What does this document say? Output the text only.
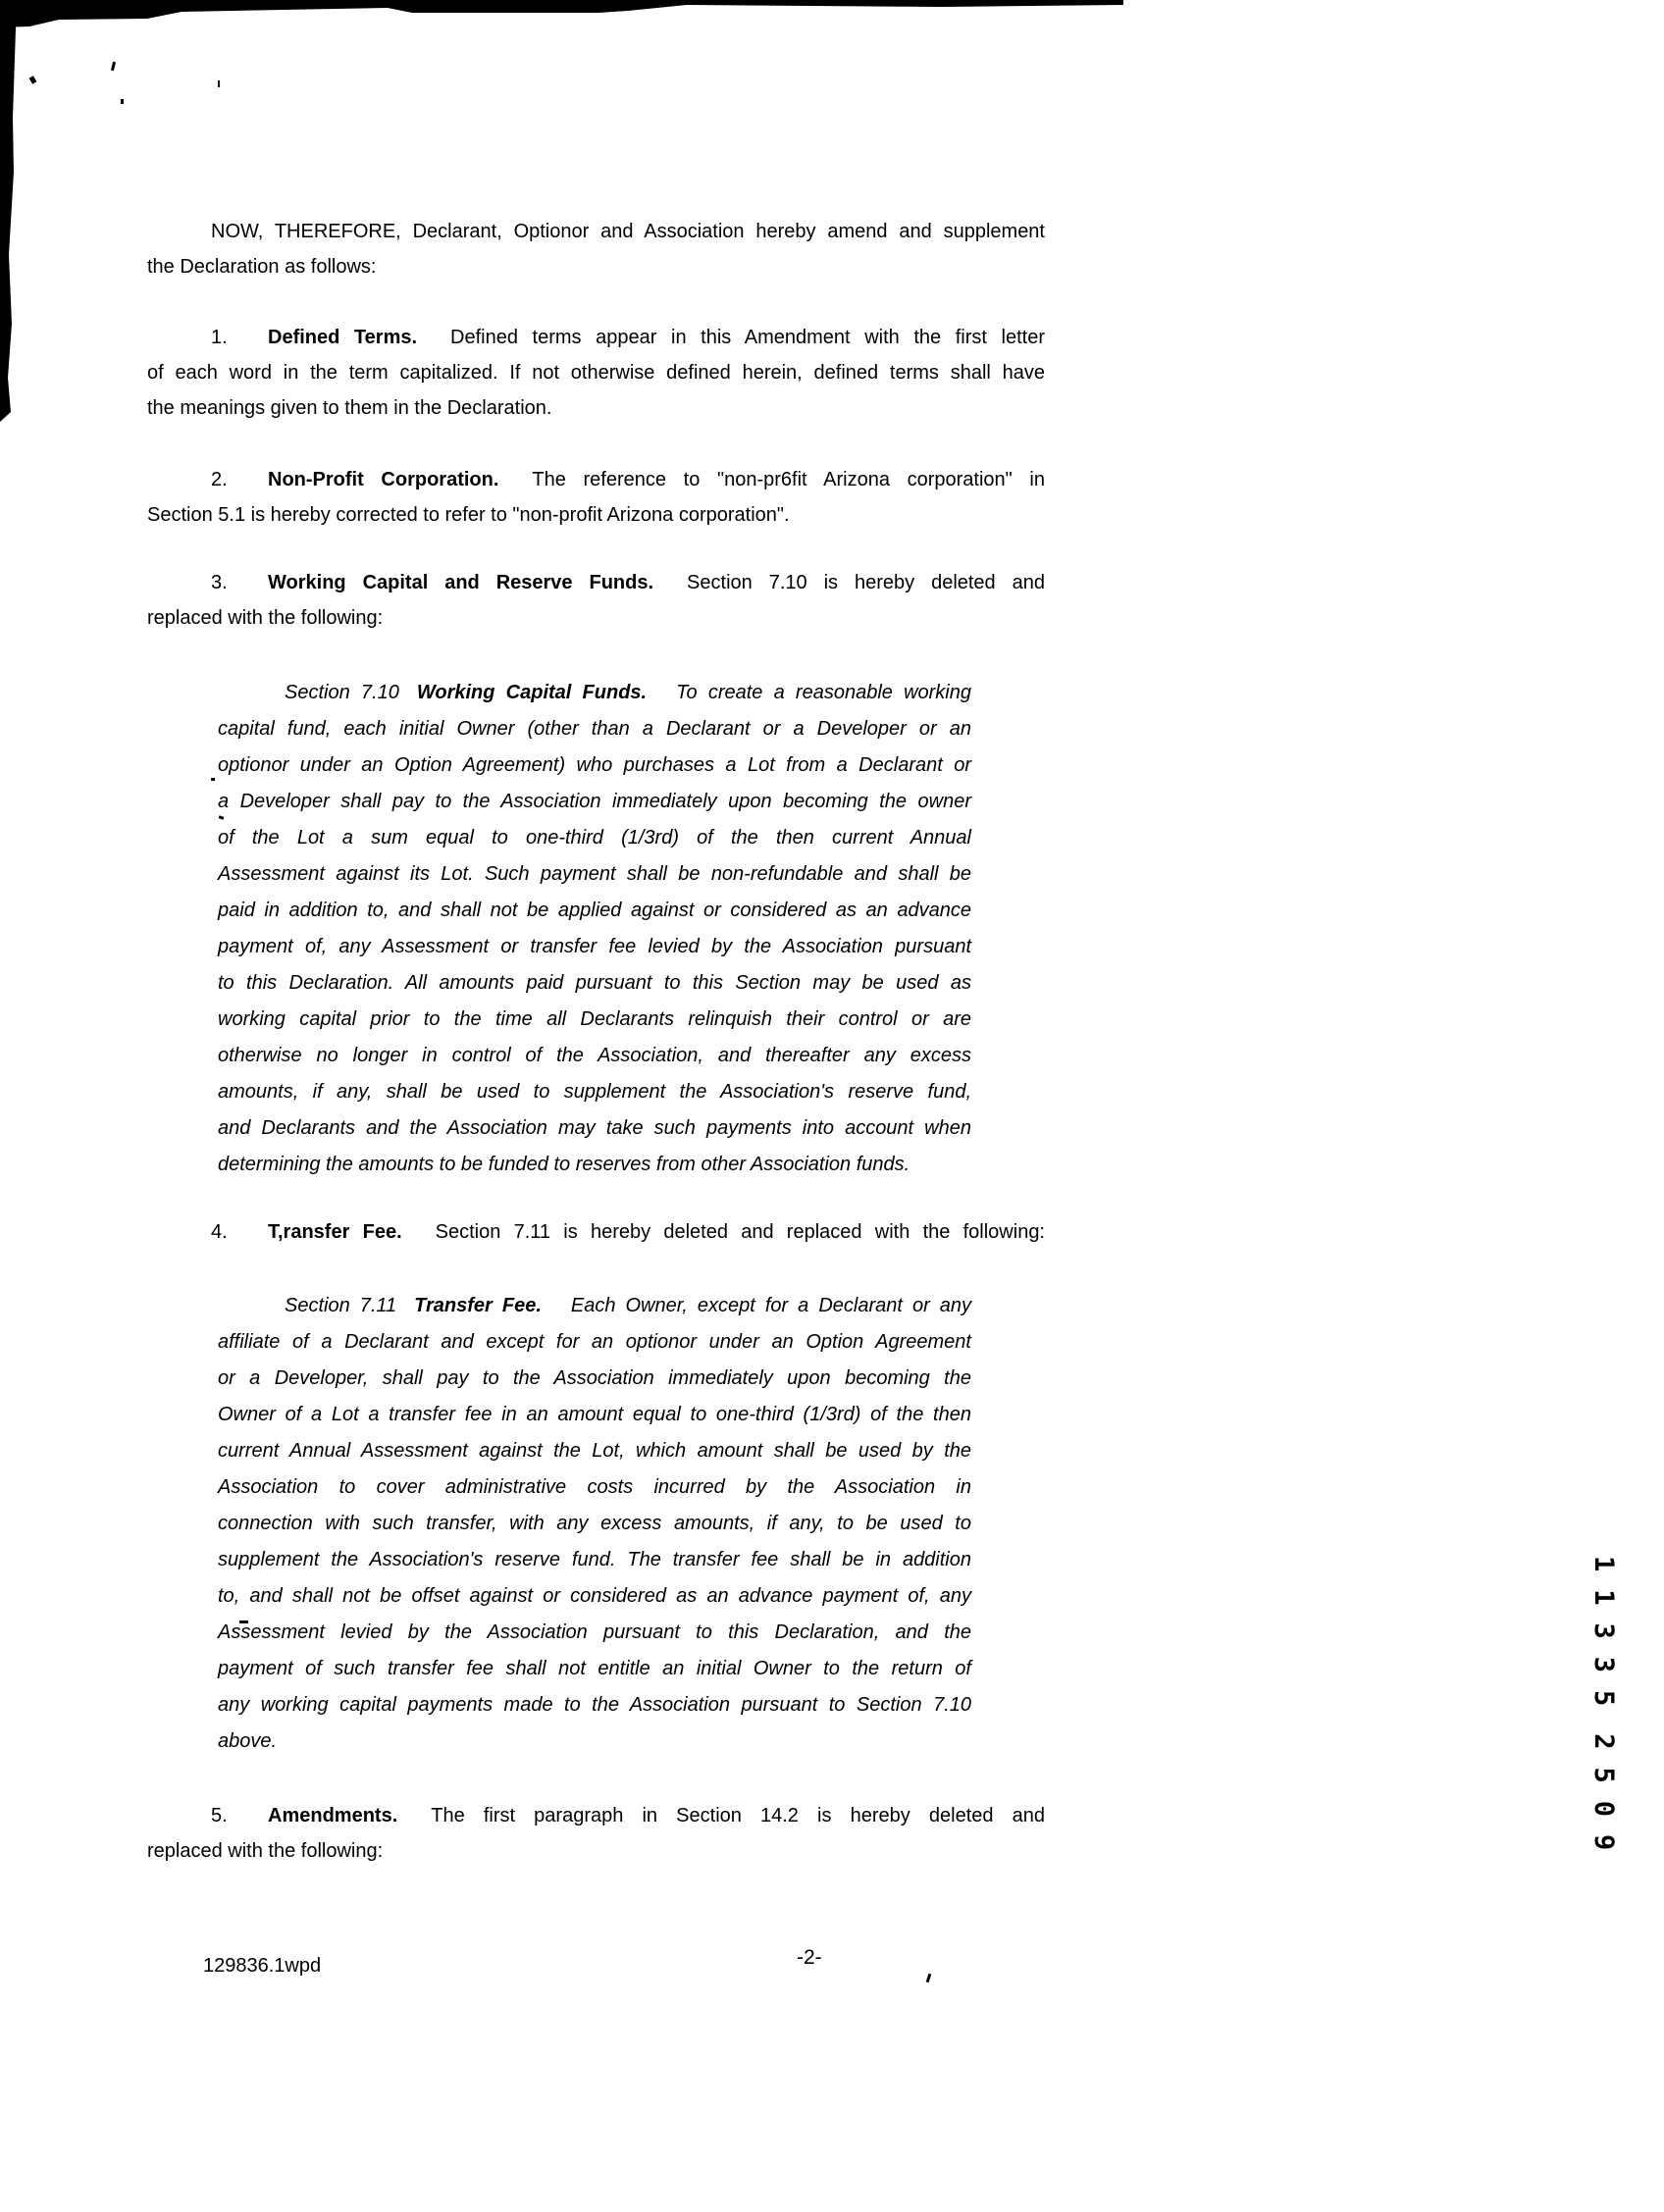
NOW, THEREFORE, Declarant, Optionor and Association hereby amend and supplement
the Declaration as follows:
1. Defined Terms. Defined terms appear in this Amendment with the first letter
of each word in the term capitalized. If not otherwise defined herein, defined terms shall have
the meanings given to them in the Declaration.
2. Non-Profit Corporation. The reference to "non-pr6fit Arizona corporation" in
Section 5.1 is hereby corrected to refer to "non-profit Arizona corporation".
3. Working Capital and Reserve Funds. Section 7.10 is hereby deleted and
replaced with the following:
Section 7.10 Working Capital Funds. To create a reasonable working
capital fund, each initial Owner (other than a Declarant or a Developer or an
optionor under an Option Agreement) who purchases a Lot from a Declarant or
a Developer shall pay to the Association immediately upon becoming the owner
of the Lot a sum equal to one-third (1/3rd) of the then current Annual
Assessment against its Lot. Such payment shall be non-refundable and shall be
paid in addition to, and shall not be applied against or considered as an advance
payment of, any Assessment or transfer fee levied by the Association pursuant
to this Declaration. All amounts paid pursuant to this Section may be used as
working capital prior to the time all Declarants relinquish their control or are
otherwise no longer in control of the Association, and thereafter any excess
amounts, if any, shall be used to supplement the Association's reserve fund,
and Declarants and the Association may take such payments into account when
determining the amounts to be funded to reserves from other Association funds.
4. T,ransfer Fee. Section 7.11 is hereby deleted and replaced with the following:
Section 7.11 Transfer Fee. Each Owner, except for a Declarant or any
affiliate of a Declarant and except for an optionor under an Option Agreement
or a Developer, shall pay to the Association immediately upon becoming the
Owner of a Lot a transfer fee in an amount equal to one-third (1/3rd) of the then
current Annual Assessment against the Lot, which amount shall be used by the
Association to cover administrative costs incurred by the Association in
connection with such transfer, with any excess amounts, if any, to be used to
supplement the Association's reserve fund. The transfer fee shall be in addition
to, and shall not be offset against or considered as an advance payment of, any
Assessment levied by the Association pursuant to this Declaration, and the
payment of such transfer fee shall not entitle an initial Owner to the return of
any working capital payments made to the Association pursuant to Section 7.10
above.
5. Amendments. The first paragraph in Section 14.2 is hereby deleted and
replaced with the following:
129836.1wpd	-2-
113352509
